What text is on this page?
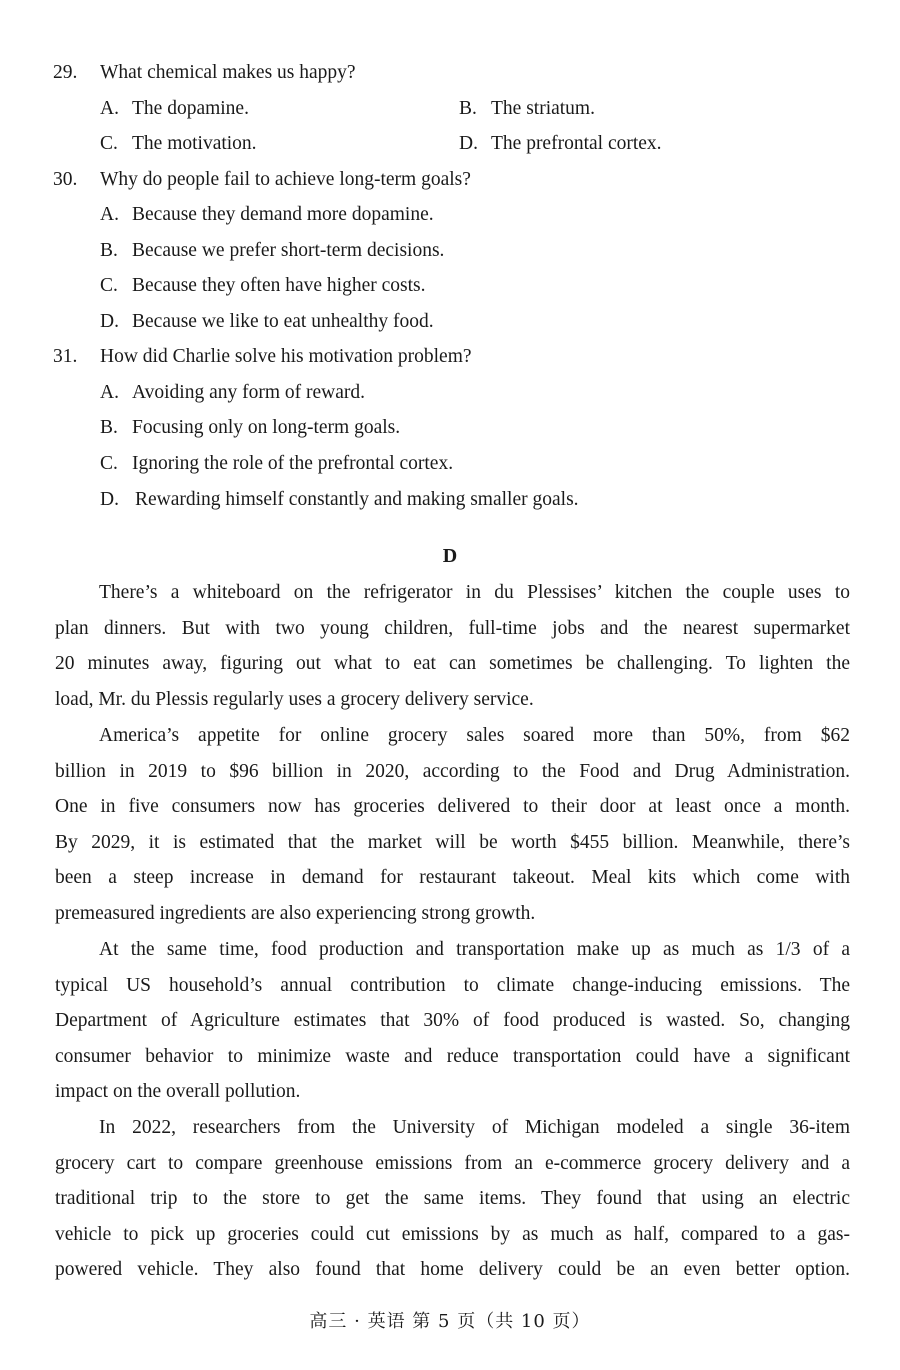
29. What chemical makes us happy?
A. The dopamine.	B. The striatum.
C. The motivation.	D. The prefrontal cortex.
30. Why do people fail to achieve long-term goals?
A. Because they demand more dopamine.
B. Because we prefer short-term decisions.
C. Because they often have higher costs.
D. Because we like to eat unhealthy food.
31. How did Charlie solve his motivation problem?
A. Avoiding any form of reward.
B. Focusing only on long-term goals.
C. Ignoring the role of the prefrontal cortex.
D. Rewarding himself constantly and making smaller goals.
D
There’s a whiteboard on the refrigerator in du Plessises’ kitchen the couple uses to
plan dinners. But with two young children, full-time jobs and the nearest supermarket
20 minutes away, figuring out what to eat can sometimes be challenging. To lighten the
load, Mr. du Plessis regularly uses a grocery delivery service.
America’s appetite for online grocery sales soared more than 50%, from $62
billion in 2019 to $96 billion in 2020, according to the Food and Drug Administration.
One in five consumers now has groceries delivered to their door at least once a month.
By 2029, it is estimated that the market will be worth $455 billion. Meanwhile, there’s
been a steep increase in demand for restaurant takeout. Meal kits which come with
premeasured ingredients are also experiencing strong growth.
At the same time, food production and transportation make up as much as 1/3 of a
typical US household’s annual contribution to climate change-inducing emissions. The
Department of Agriculture estimates that 30% of food produced is wasted. So, changing
consumer behavior to minimize waste and reduce transportation could have a significant
impact on the overall pollution.
In 2022, researchers from the University of Michigan modeled a single 36-item
grocery cart to compare greenhouse emissions from an e-commerce grocery delivery and a
traditional trip to the store to get the same items. They found that using an electric
vehicle to pick up groceries could cut emissions by as much as half, compared to a gas-
powered vehicle. They also found that home delivery could be an even better option.
高三 · 英语 第 5 页（共 10 页）
